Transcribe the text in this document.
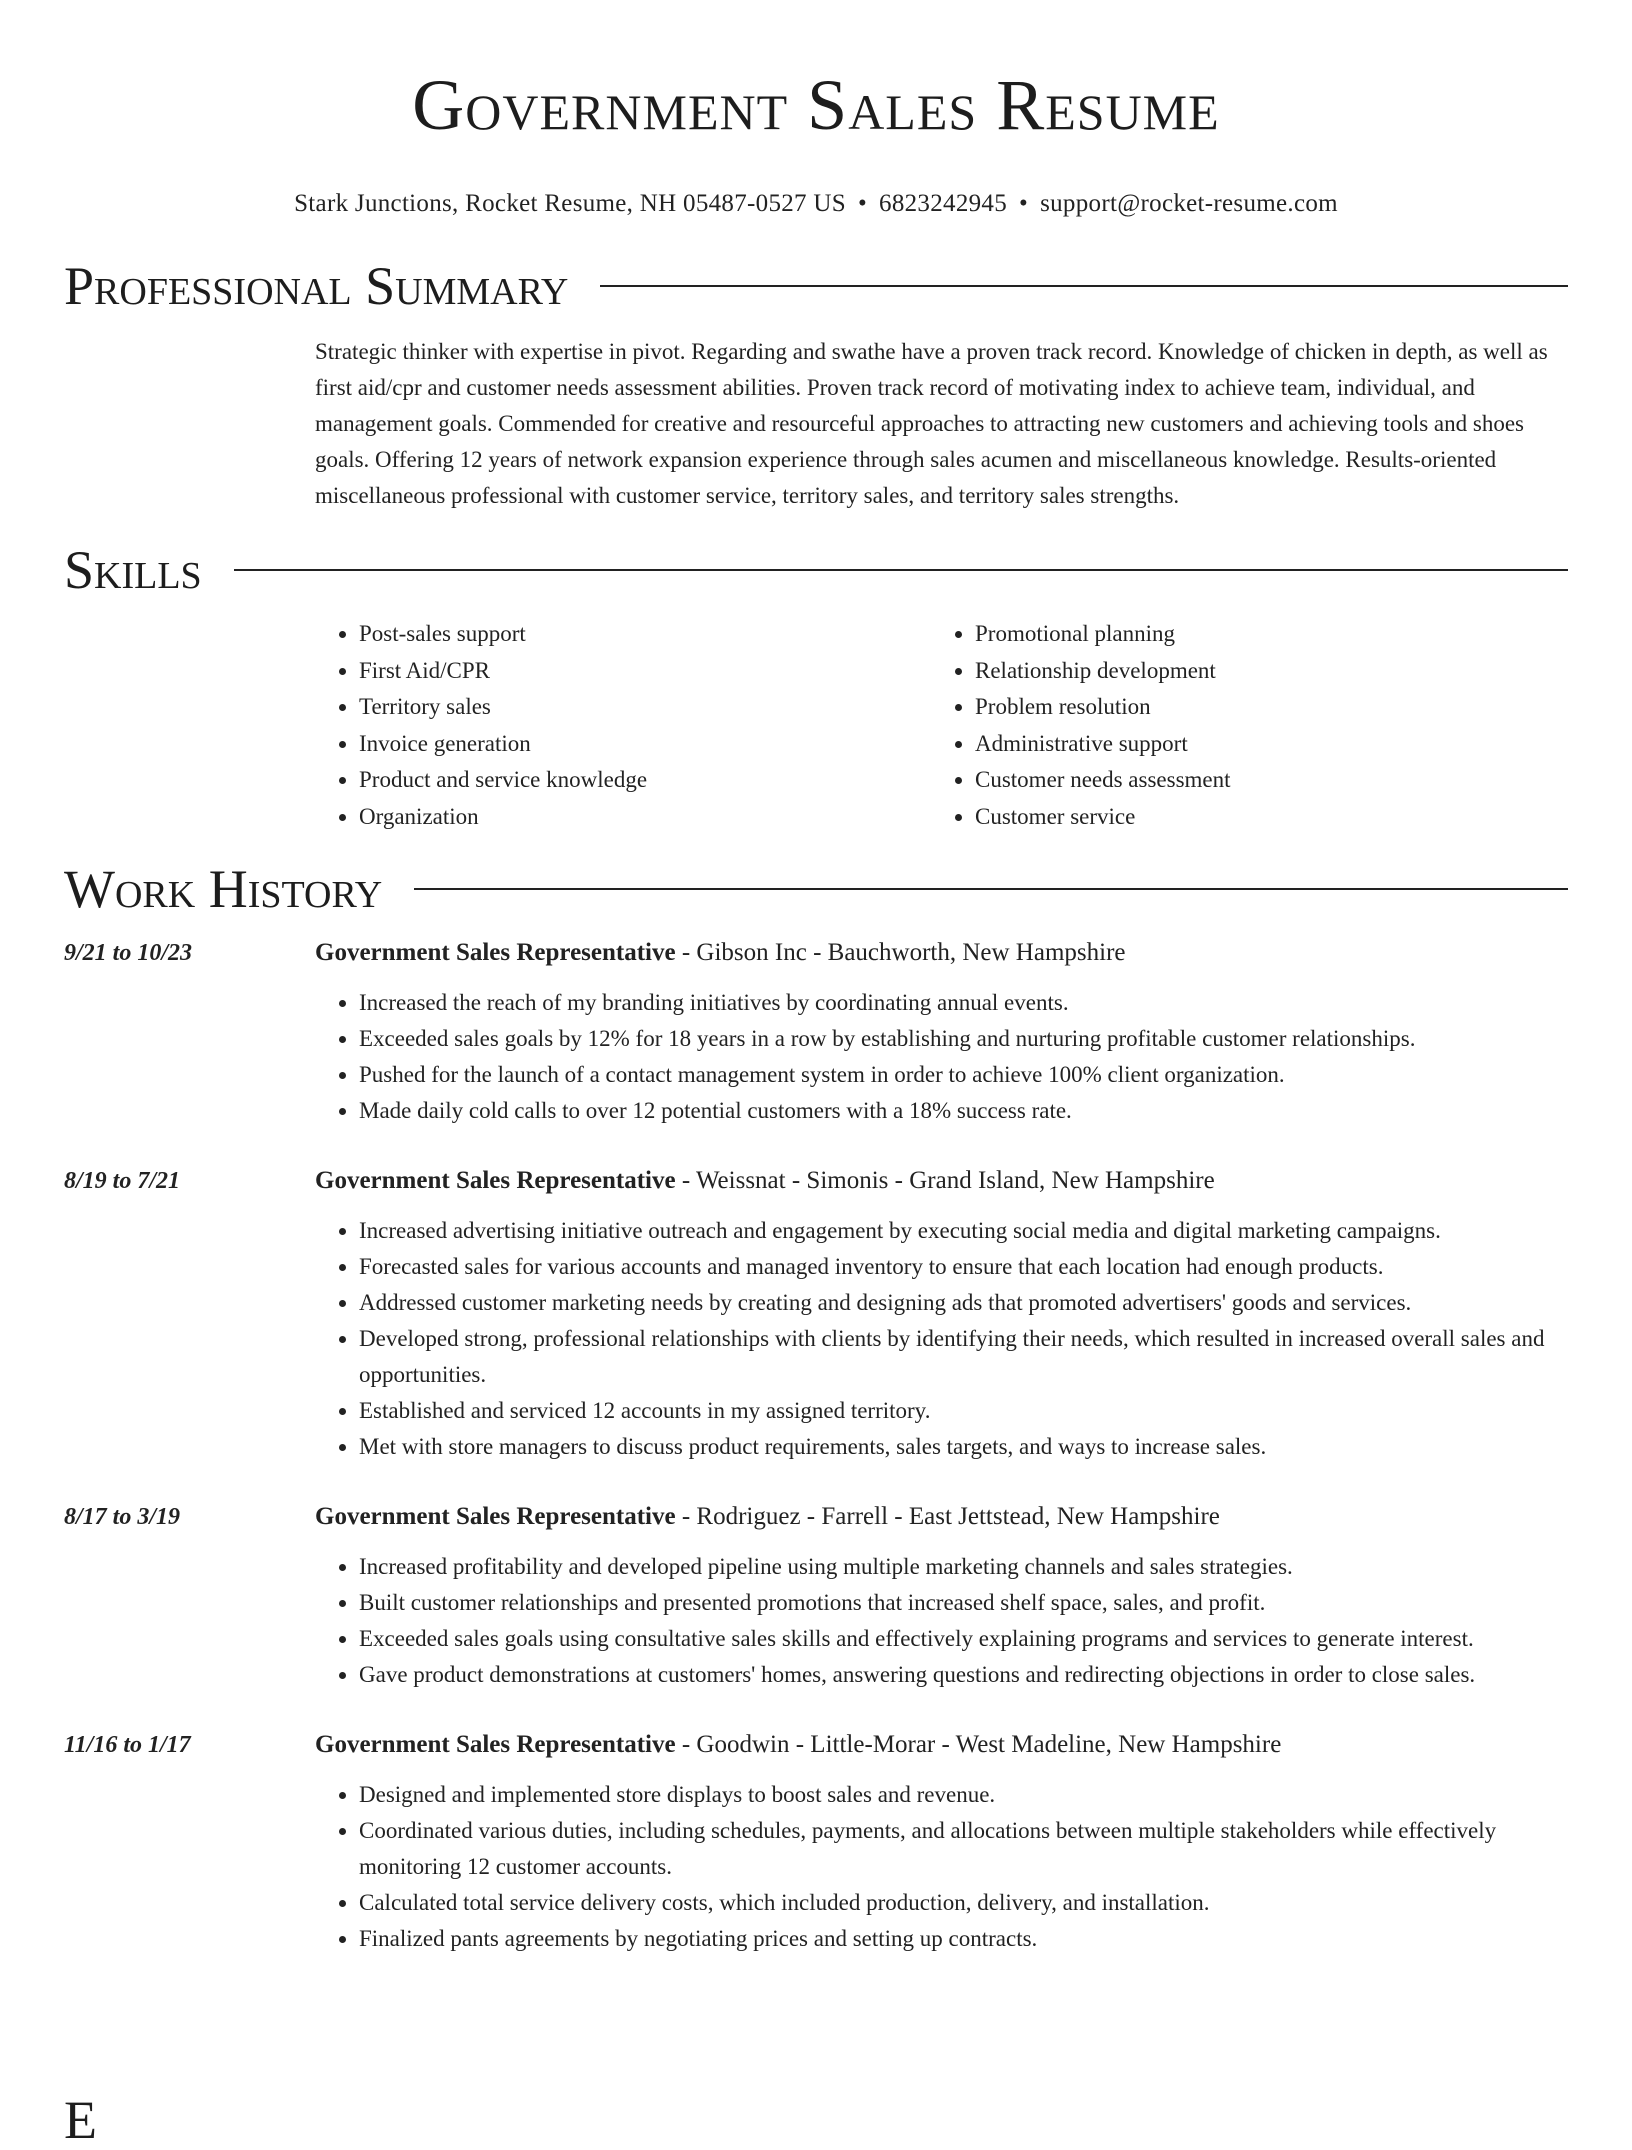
Government Sales Resume
Stark Junctions, Rocket Resume, NH 05487-0527 US • 6823242945 • support@rocket-resume.com
Professional Summary

Strategic thinker with expertise in pivot. Regarding and swathe have a proven track record. Knowledge of chicken in depth, as well as first aid/cpr and customer needs assessment abilities. Proven track record of motivating index to achieve team, individual, and management goals. Commended for creative and resourceful approaches to attracting new customers and achieving tools and shoes goals. Offering 12 years of network expansion experience through sales acumen and miscellaneous knowledge. Results-oriented miscellaneous professional with customer service, territory sales, and territory sales strengths.

Skills
• Post-sales support
• First Aid/CPR
• Territory sales
• Invoice generation
• Product and service knowledge
• Organization
• Promotional planning
• Relationship development
• Problem resolution
• Administrative support
• Customer needs assessment
• Customer service
Work History
9/21 to 10/23	Government Sales Representative - Gibson Inc - Bauchworth, New Hampshire
• Increased the reach of my branding initiatives by coordinating annual events.
• Exceeded sales goals by 12% for 18 years in a row by establishing and nurturing profitable customer relationships.
• Pushed for the launch of a contact management system in order to achieve 100% client organization.
• Made daily cold calls to over 12 potential customers with a 18% success rate.
8/19 to 7/21	Government Sales Representative - Weissnat - Simonis - Grand Island, New Hampshire
• Increased advertising initiative outreach and engagement by executing social media and digital marketing campaigns.
• Forecasted sales for various accounts and managed inventory to ensure that each location had enough products.
• Addressed customer marketing needs by creating and designing ads that promoted advertisers' goods and services.
• Developed strong, professional relationships with clients by identifying their needs, which resulted in increased overall sales and opportunities.
• Established and serviced 12 accounts in my assigned territory.
• Met with store managers to discuss product requirements, sales targets, and ways to increase sales.
8/17 to 3/19	Government Sales Representative - Rodriguez - Farrell - East Jettstead, New Hampshire
• Increased profitability and developed pipeline using multiple marketing channels and sales strategies.
• Built customer relationships and presented promotions that increased shelf space, sales, and profit.
• Exceeded sales goals using consultative sales skills and effectively explaining programs and services to generate interest.
• Gave product demonstrations at customers' homes, answering questions and redirecting objections in order to close sales.
11/16 to 1/17	Government Sales Representative - Goodwin - Little-Morar - West Madeline, New Hampshire
• Designed and implemented store displays to boost sales and revenue.
• Coordinated various duties, including schedules, payments, and allocations between multiple stakeholders while effectively monitoring 12 customer accounts.
• Calculated total service delivery costs, which included production, delivery, and installation.
• Finalized pants agreements by negotiating prices and setting up contracts.
E
